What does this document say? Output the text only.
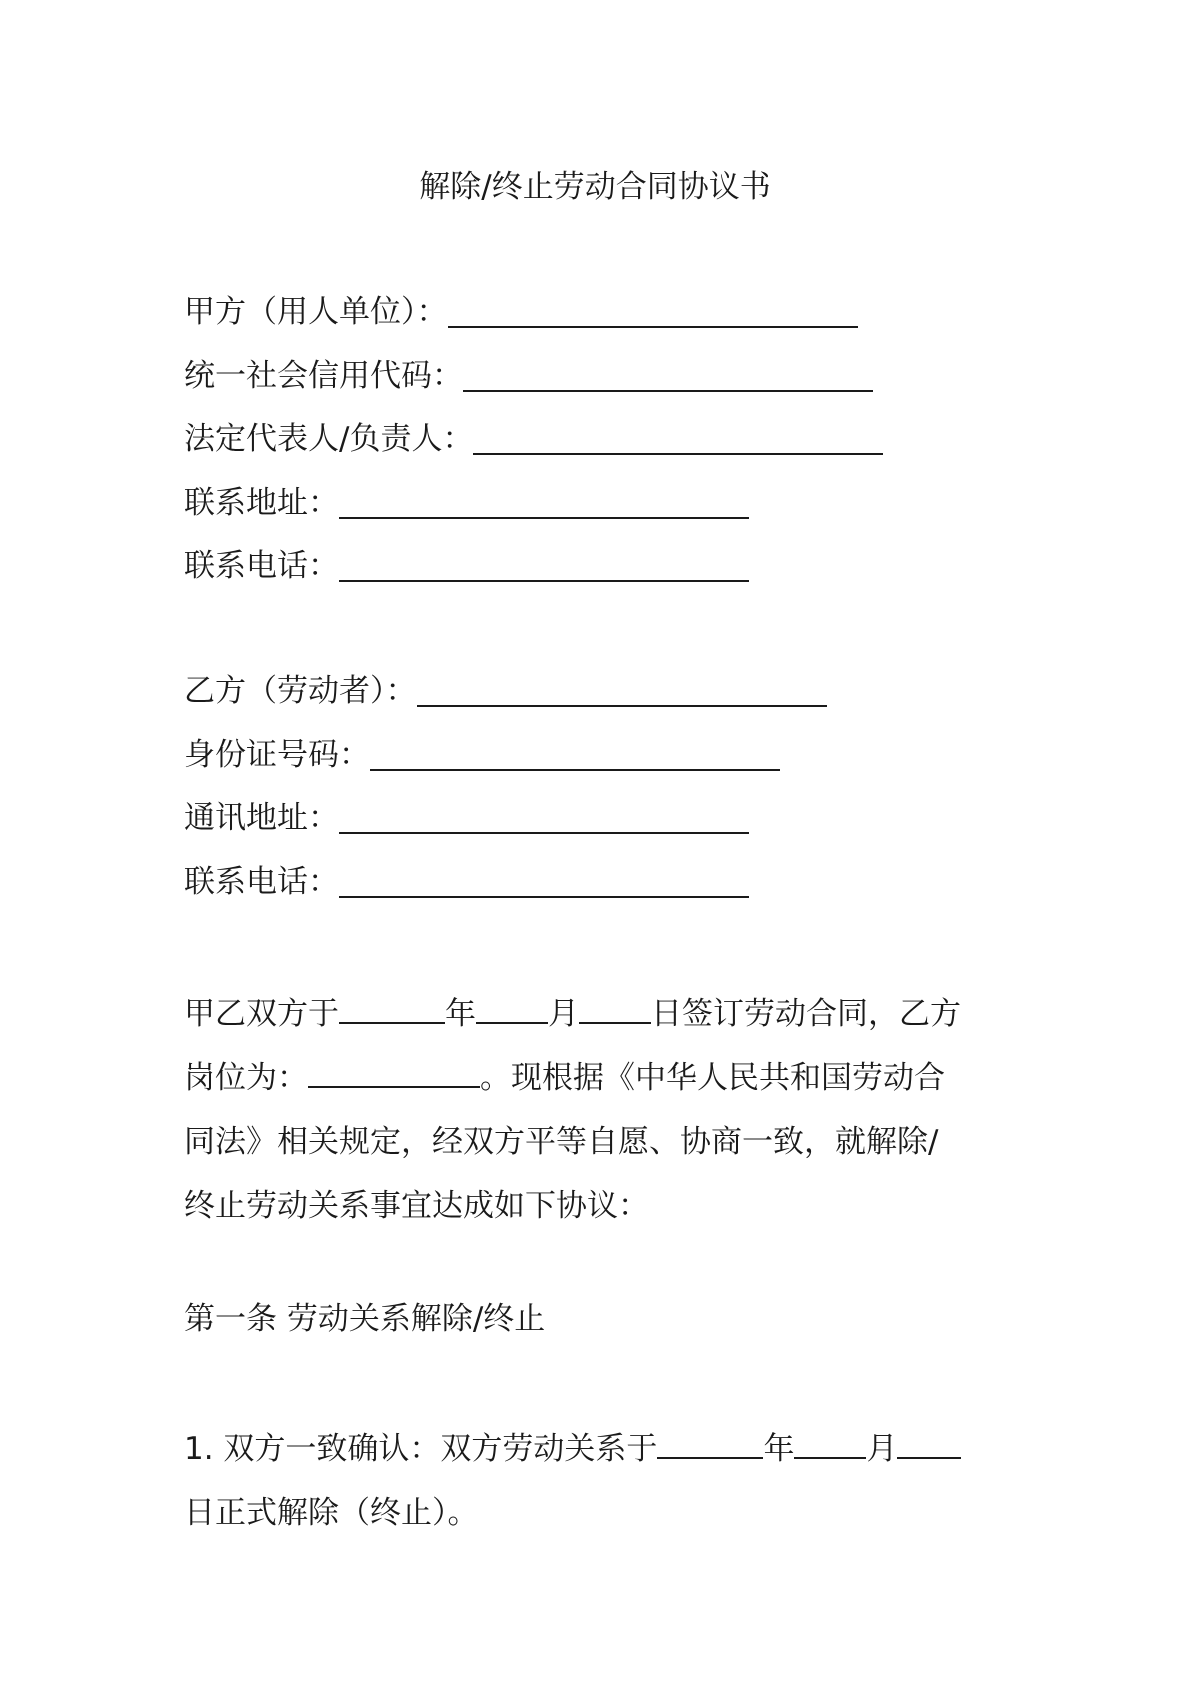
解除/终止劳动合同协议书
甲方（用人单位）：
统一社会信用代码：
法定代表人/负责人：
联系地址：
联系电话：
乙方（劳动者）：
身份证号码：
通讯地址：
联系电话：
甲乙双方于	年 月 日签订劳动合同，乙方
岗位为：	。现根据《中华人民共和国劳动合
同法》相关规定，经双方平等自愿、协商一致，就解除/
终止劳动关系事宜达成如下协议：
第一条 劳动关系解除/终止
1. 双方一致确认：双方劳动关系于	年 月
日正式解除（终止）。
